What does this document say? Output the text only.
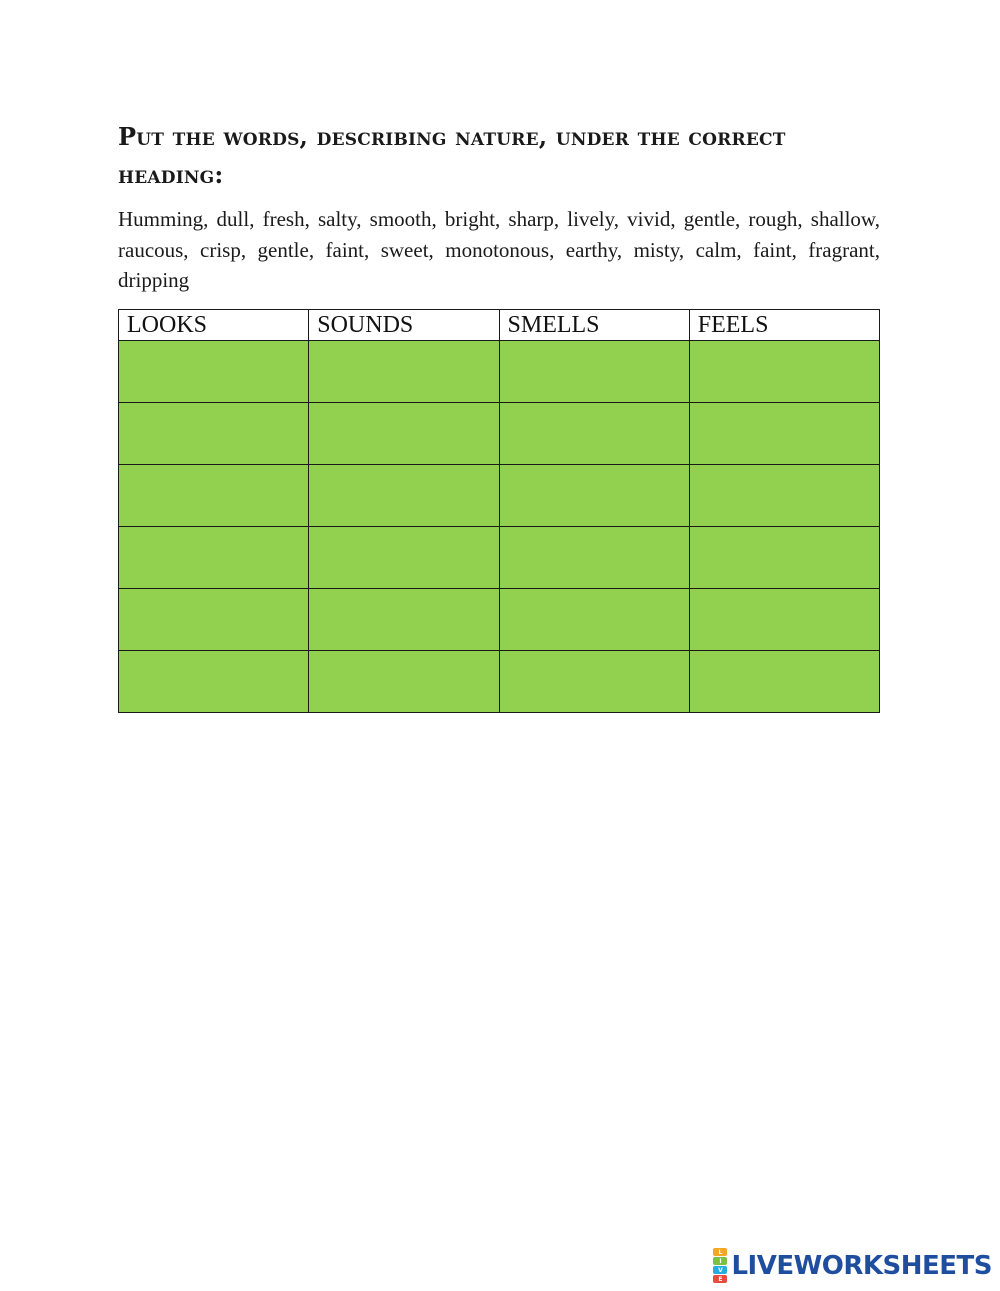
Put the words, describing nature, under the correct heading:
Humming, dull, fresh, salty, smooth, bright, sharp, lively, vivid, gentle, rough, shallow, raucous, crisp, gentle, faint, sweet, monotonous, earthy, misty, calm, faint, fragrant, dripping
LOOKS	SOUNDS	SMELLS	FEELS

L
I
V
E LIVEWORKSHEETS
